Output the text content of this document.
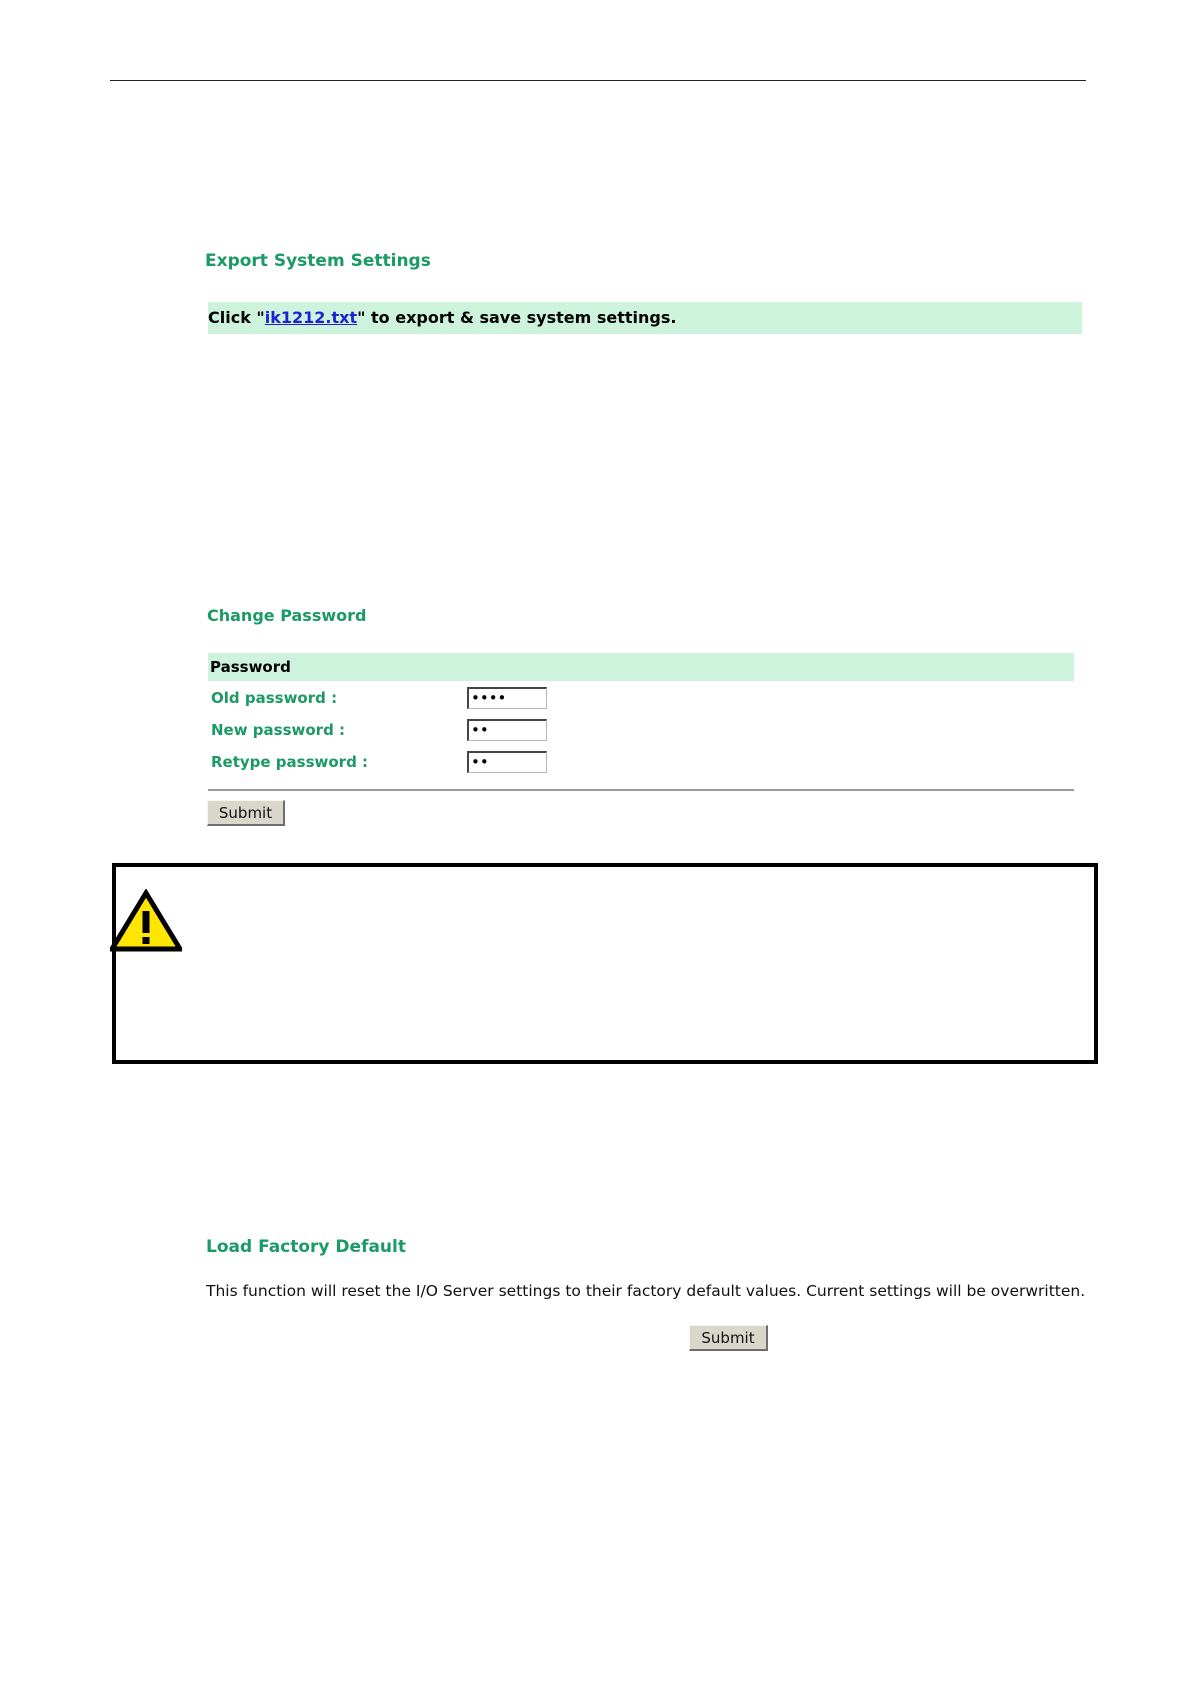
Export System Settings
Click "ik1212.txt" to export & save system settings.
Change Password
Password
Old password :	••••
New password :	••
Retype password :	••
Submit
Load Factory Default
This function will reset the I/O Server settings to their factory default values. Current settings will be overwritten.
Submit
